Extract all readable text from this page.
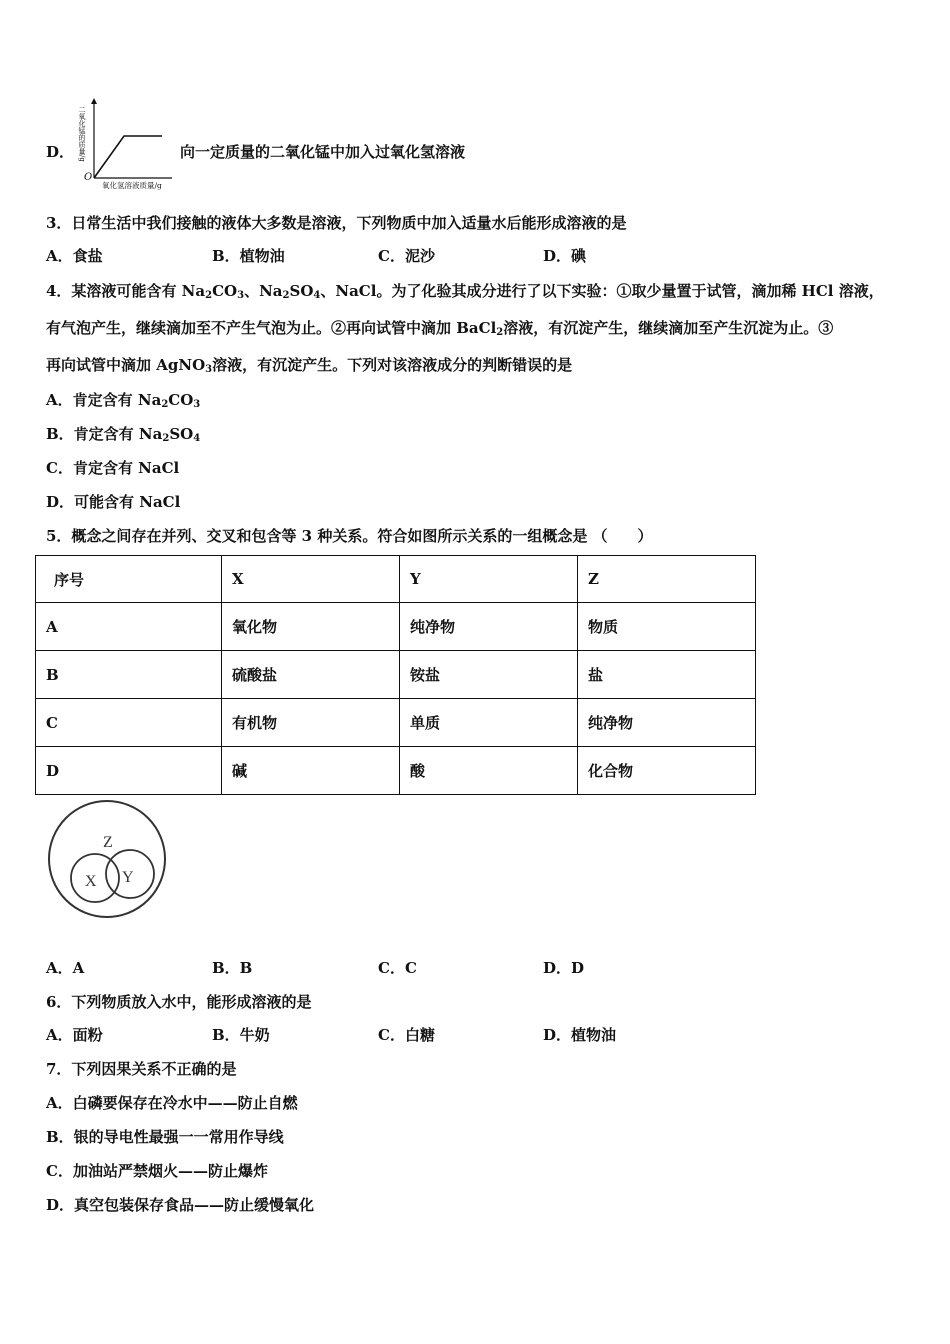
D． 二氧化锰的质量/g
O
氧化氢溶液质量/g
向一定质量的二氧化锰中加入过氧化氢溶液
3．日常生活中我们接触的液体大多数是溶液，下列物质中加入适量水后能形成溶液的是
A．食盐	B．植物油	C．泥沙	D．碘
4．某溶液可能含有 $Na_2CO_3$、$Na_2SO_4$、NaCl。为了化验其成分进行了以下实验：①取少量置于试管，滴加稀 HCl 溶液，
有气泡产生，继续滴加至不产生气泡为止。②再向试管中滴加 BaCl$_2$溶液，有沉淀产生，继续滴加至产生沉淀为止。③
再向试管中滴加 AgNO$_3$溶液，有沉淀产生。下列对该溶液成分的判断错误的是
A．肯定含有 $Na_2CO_3$
B．肯定含有 $Na_2SO_4$
C．肯定含有 NaCl
D．可能含有 NaCl
5．概念之间存在并列、交叉和包含等 3 种关系。符合如图所示关系的一组概念是 （　　）
序号	X	Y	Z
A	氧化物	纯净物	物质
B	硫酸盐	铵盐	盐
C	有机物	单质	纯净物
D	碱	酸	化合物
Z
X Y
A．A	B．B	C．C	D．D
6．下列物质放入水中，能形成溶液的是
A．面粉	B．牛奶	C．白糖	D．植物油
7．下列因果关系不正确的是
A．白磷要保存在冷水中——防止自燃
B．银的导电性最强一一常用作导线
C．加油站严禁烟火——防止爆炸
D．真空包装保存食品——防止缓慢氧化
